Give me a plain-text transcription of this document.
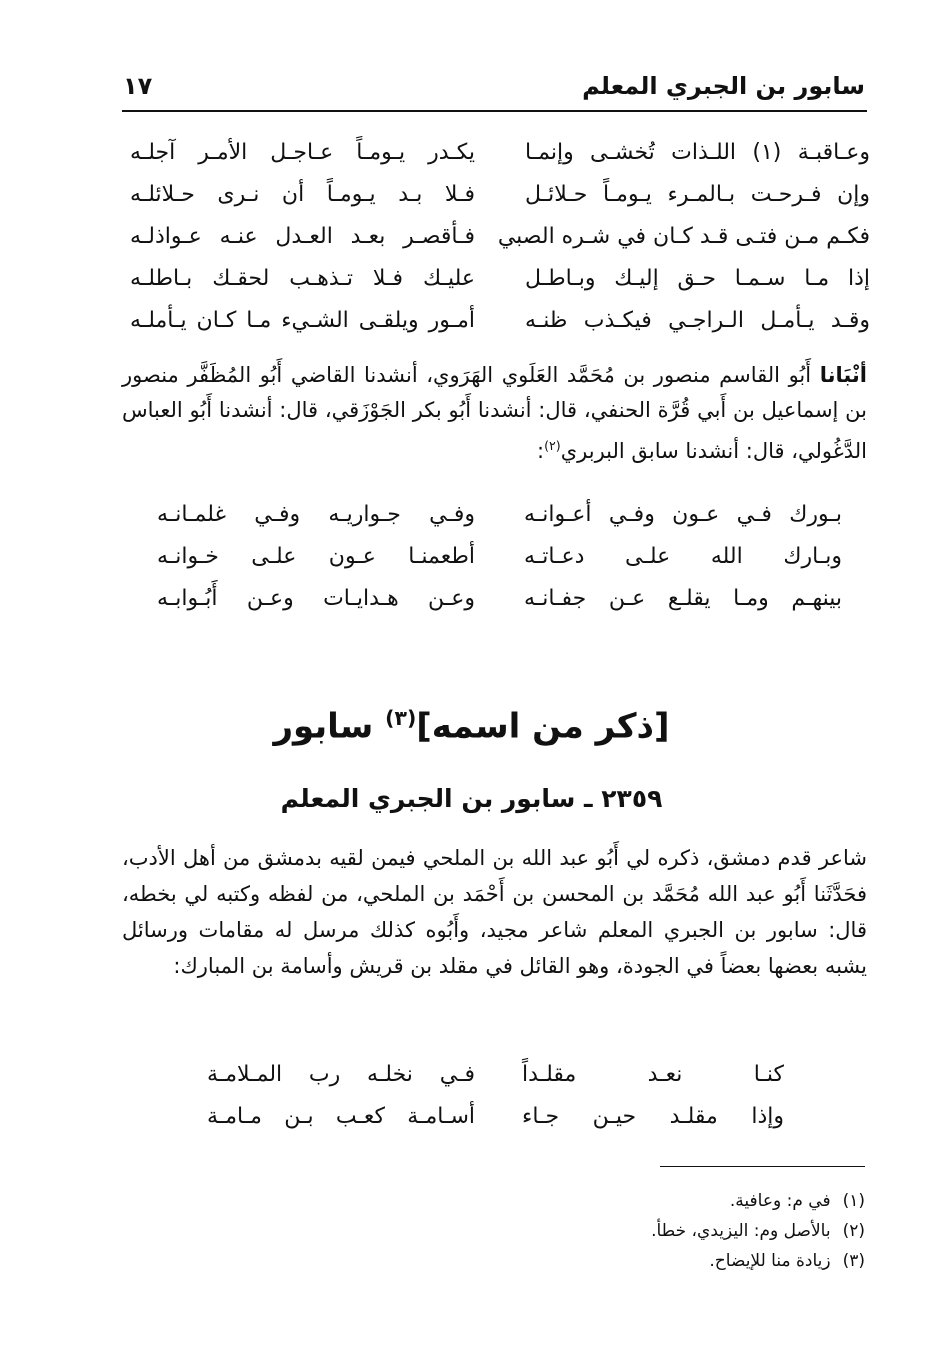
سابور بن الجبري المعلم
١٧
وعـاقبـة (١) اللـذات تُخشـى وإنمـا
يكـدر يـومـاً عـاجـل الأمـر آجلـه
وإن فـرحـت بـالمـرء يـومـاً حـلائـل
فـلا بـد يـومـاً أن نـرى حـلائلـه
فكـم مـن فتـى قـد كـان في شـره الصبي
فـأقصـر بعـد العـدل عنـه عـواذلـه
إذا مـا سـمـا حـق إليـك وبـاطـل
عليـك فـلا تـذهـب لحقـك بـاطلـه
وقـد يـأمـل الـراجـي فيكـذب ظنـه
أمـور ويلقـى الشـيء مـا كـان يـأملـه
أنْبَانا أَبُو القاسم منصور بن مُحَمَّد العَلَوي الهَرَوي، أنشدنا القاضي أَبُو المُظَفَّر منصور بن إسماعيل بن أَبي قُرَّة الحنفي، قال: أنشدنا أَبُو بكر الجَوْزَقي، قال: أنشدنا أَبُو العباس الدَّغُولي، قال: أنشدنا سابق البربري$^{(٢)}$:
بـورك فـي عـون وفـي أعـوانـه
وفـي جـواريـه وفـي غلمـانـه
وبـارك الله علـى دعـاتـه
أطعمنـا عـون علـى خـوانـه
بينهـم ومـا يقلـع عـن جفـانـه
وعـن هـدايـات وعـن أَبُـوابـه
[ذكر من اسمه]$^{(٣)}$ سابور
٢٣٥٩ ـ سابور بن الجبري المعلم
شاعر قدم دمشق، ذكره لي أَبُو عبد الله بن الملحي فيمن لقيه بدمشق من أهل الأدب، فحَدَّثَنا أَبُو عبد الله مُحَمَّد بن المحسن بن أَحْمَد بن الملحي، من لفظه وكتبه لي بخطه، قال: سابور بن الجبري المعلم شاعر مجيد، وأَبُوه كذلك مرسل له مقامات ورسائل يشبه بعضها بعضاً في الجودة، وهو القائل في مقلد بن قريش وأسامة بن المبارك:
كنـا نعـد مقلـداً
فـي نخلـه رب المـلامـة
وإذا مقلـد حيـن جـاء
أسـامـة كعـب بـن مـامـة
(١)في م: وعافية.
(٢)بالأصل وم: اليزيدي، خطأ.
(٣)زيادة منا للإيضاح.
